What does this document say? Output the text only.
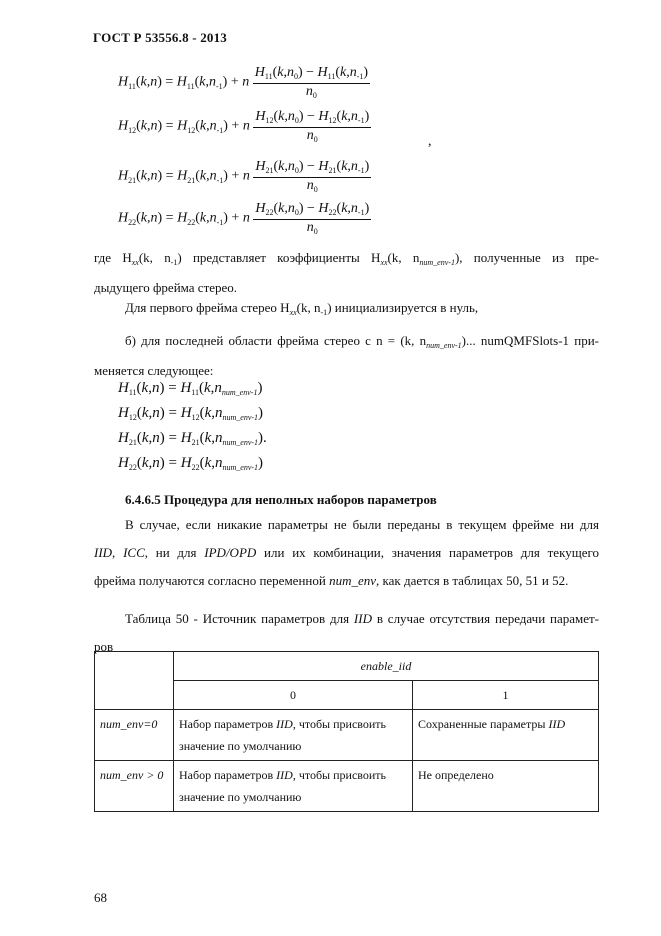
ГОСТ Р 53556.8 - 2013
$H_{11}(k,n) = H_{11}(k,n_{-1}) + n \frac{H_{11}(k,n_0) - H_{11}(k,n_{-1})}{n_0}$
$H_{12}(k,n) = H_{12}(k,n_{-1}) + n \frac{H_{12}(k,n_0) - H_{12}(k,n_{-1})}{n_0}$	,
$H_{21}(k,n) = H_{21}(k,n_{-1}) + n \frac{H_{21}(k,n_0) - H_{21}(k,n_{-1})}{n_0}$
$H_{22}(k,n) = H_{22}(k,n_{-1}) + n \frac{H_{22}(k,n_0) - H_{22}(k,n_{-1})}{n_0}$
где $H_{xx}(k$, $n_{-1}$) представляет коэффициенты $H_{xx}(k$, $n_{num\_env-1}$), полученные из пре-
дыдущего фрейма стерео.
Для первого фрейма стерео $H_{xx}(k$, $n_{-1}$) инициализируется в нуль,
б) для последней области фрейма стерео с n = (k, $n_{num\_env-1}$)... numQMFSlots-1 при-
меняется следующее:
$H_{11}(k,n) = H_{11}(k,n_{num\_env-1})$
$H_{12}(k,n) = H_{12}(k,n_{num\_env-1})$
$H_{21}(k,n) = H_{21}(k,n_{num\_env-1})$.
$H_{22}(k,n) = H_{22}(k,n_{num\_env-1})$
6.4.6.5 Процедура для неполных наборов параметров
В случае, если никакие параметры не были переданы в текущем фрейме ни для
IID, ICC, ни для IPD/OPD или их комбинации, значения параметров для текущего
фрейма получаются согласно переменной num_env, как дается в таблицах 50, 51 и 52.
Таблица 50 - Источник параметров для IID в случае отсутствия передачи парамет-
ров
	enable_iid	
	0	1
num_env=0	Набор параметров IID, чтобы присвоить
значение по умолчанию	Сохраненные параметры IID
num_env > 0	Набор параметров IID, чтобы присвоить
значение по умолчанию	Не определено
68
